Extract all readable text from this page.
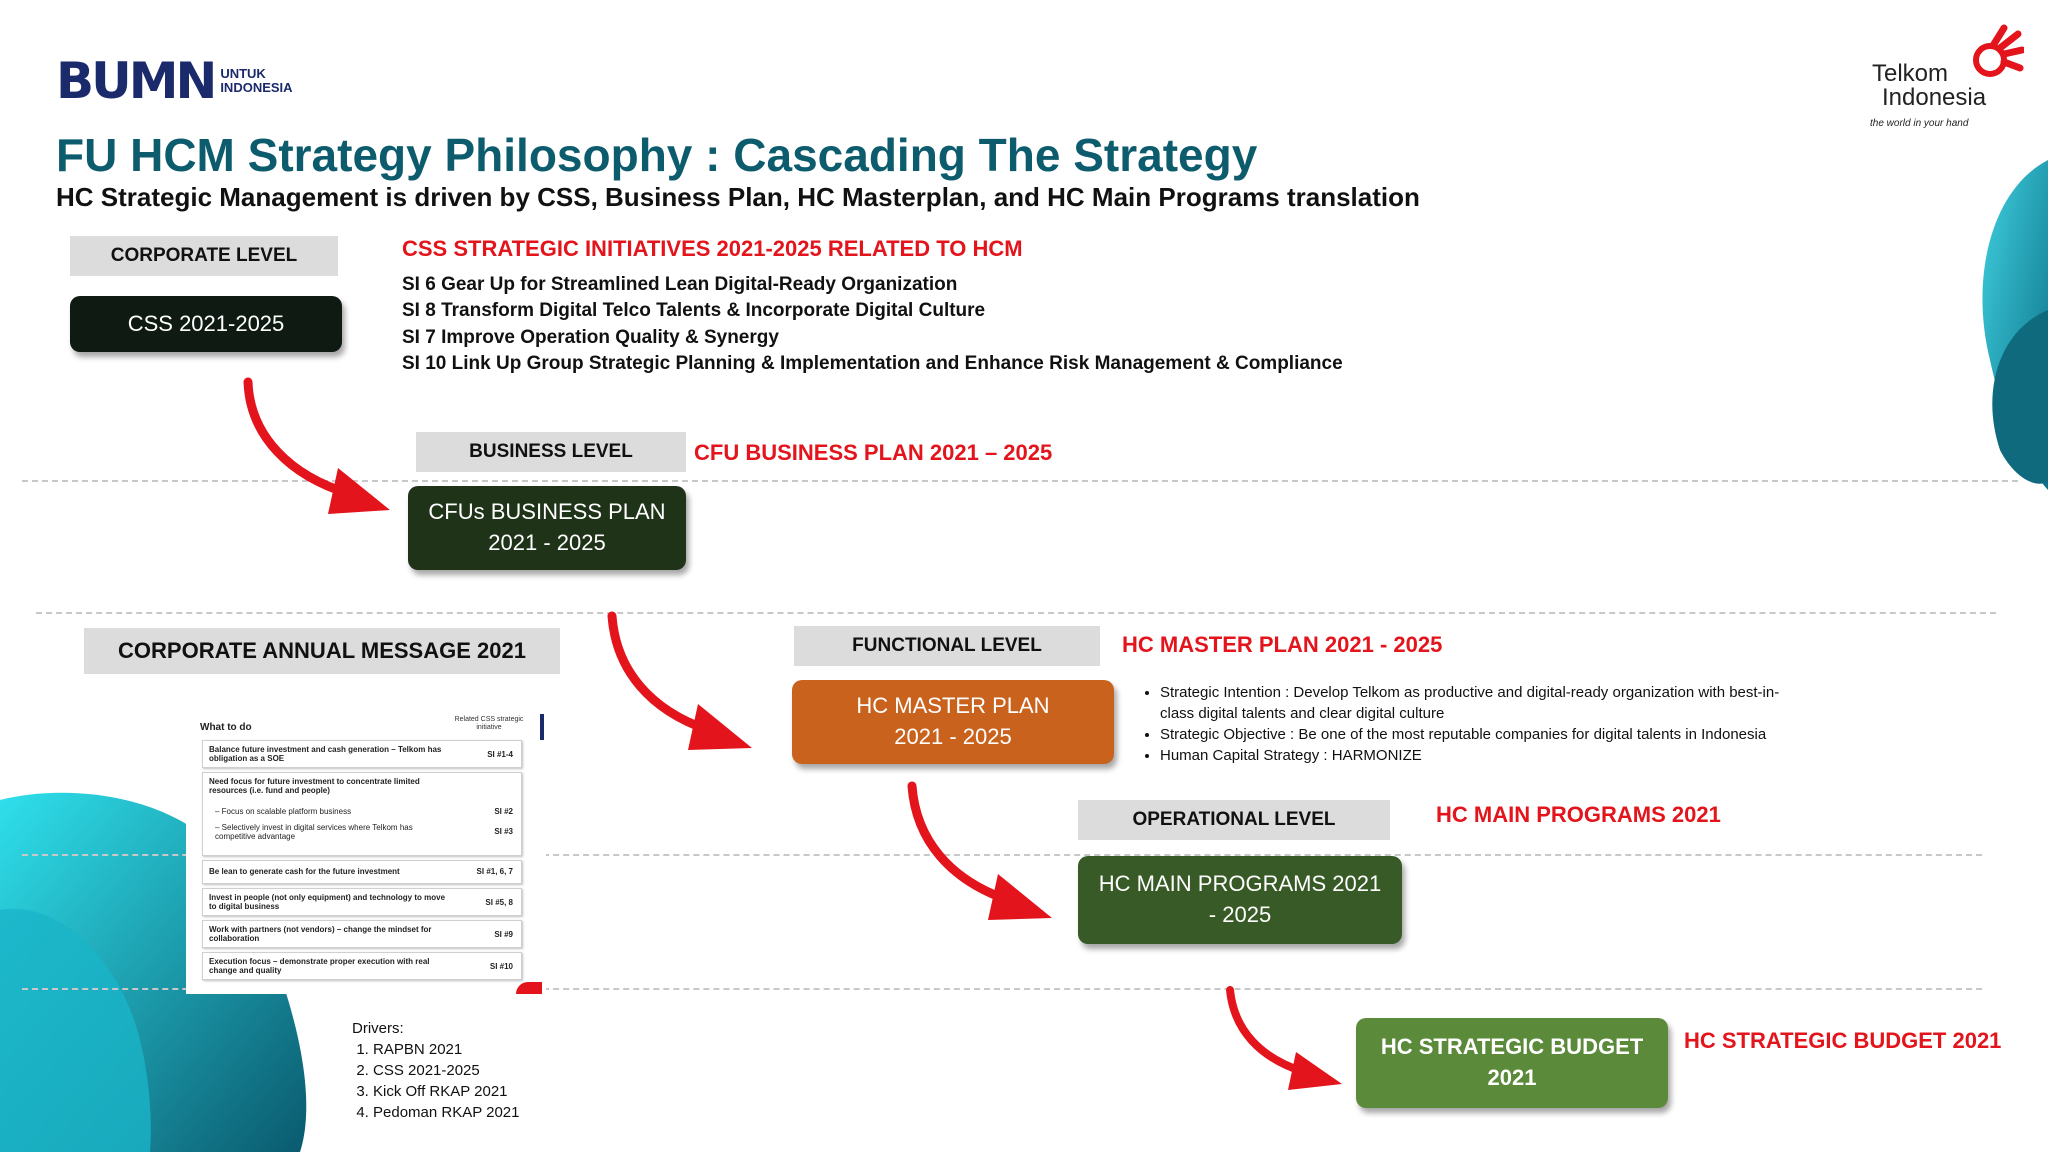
BUMN UNTUK
INDONESIA
Telkom
Indonesia
the world in your hand
FU HCM Strategy Philosophy : Cascading The Strategy
HC Strategic Management is driven by CSS, Business Plan, HC Masterplan, and HC Main Programs translation
CORPORATE LEVEL
CSS 2021-2025
CSS STRATEGIC INITIATIVES 2021-2025 RELATED TO HCM
SI 6 Gear Up for Streamlined Lean Digital-Ready Organization
SI 8 Transform Digital Telco Talents & Incorporate Digital Culture
SI 7 Improve Operation Quality & Synergy
SI 10 Link Up Group Strategic Planning & Implementation and Enhance Risk Management & Compliance
BUSINESS LEVEL	CFU BUSINESS PLAN 2021 – 2025
CFUs BUSINESS PLAN
2021 - 2025
CORPORATE ANNUAL MESSAGE 2021
What to do
Related CSS strategic initiative
Balance future investment and cash generation – Telkom has obligation as a SOE	SI #1-4
Need focus for future investment to concentrate limited resources (i.e. fund and people)
– Focus on scalable platform business	SI #2
– Selectively invest in digital services where Telkom has competitive advantage
SI #3
Be lean to generate cash for the future investment	SI #1, 6, 7
Invest in people (not only equipment) and technology to move to digital business	SI #5, 8
Work with partners (not vendors) – change the mindset for collaboration	SI #9
Execution focus – demonstrate proper execution with real change and quality	SI #10
Drivers:
1. RAPBN 2021
2. CSS 2021-2025
3. Kick Off RKAP 2021
4. Pedoman RKAP 2021
FUNCTIONAL LEVEL	HC MASTER PLAN 2021 - 2025
HC MASTER PLAN
2021 - 2025
• Strategic Intention : Develop Telkom as productive and digital-ready organization with best-in-class digital talents and clear digital culture
• Strategic Objective : Be one of the most reputable companies for digital talents in Indonesia
• Human Capital Strategy : HARMONIZE
OPERATIONAL LEVEL	HC MAIN PROGRAMS 2021
HC MAIN PROGRAMS 2021
- 2025
HC STRATEGIC BUDGET
2021
HC STRATEGIC BUDGET 2021
